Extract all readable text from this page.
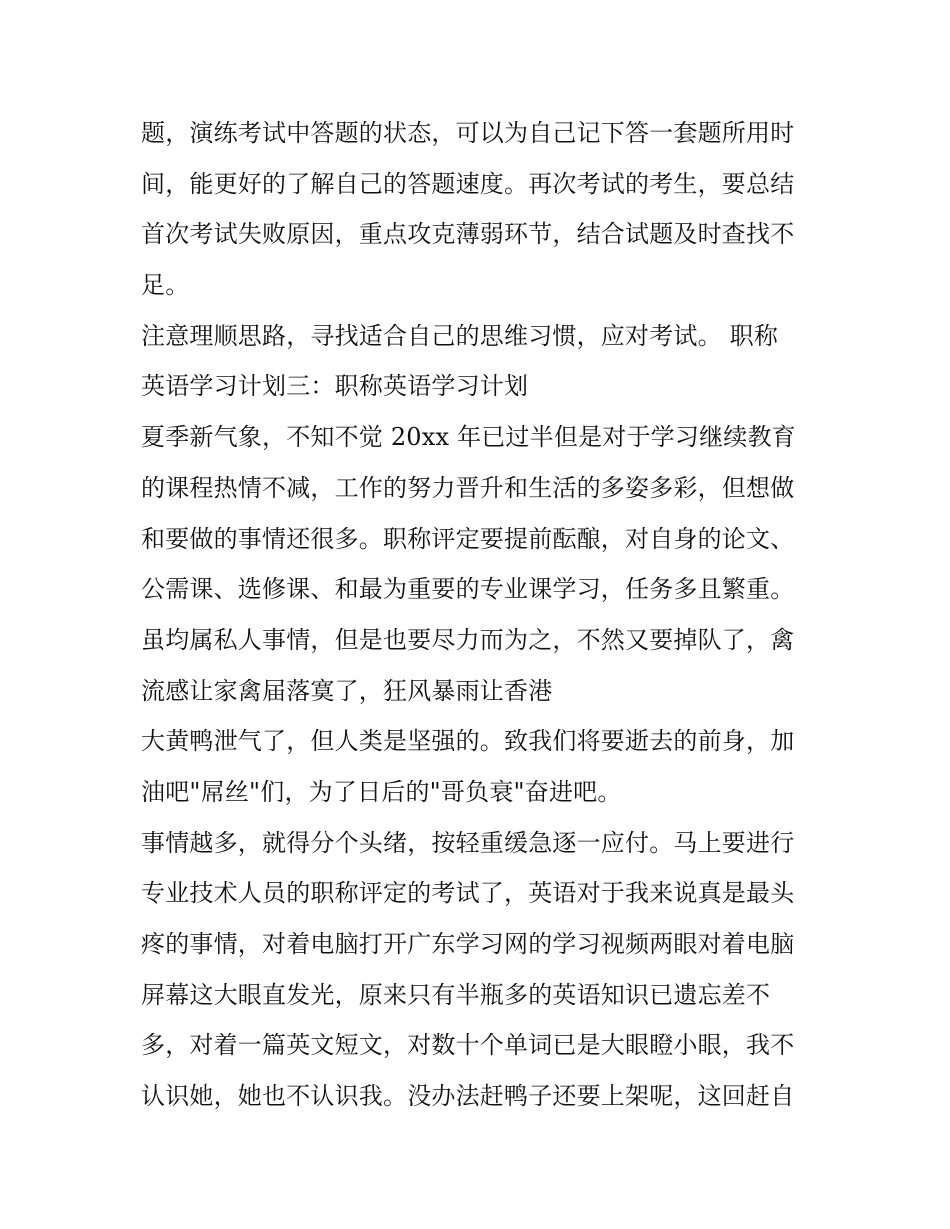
题，演练考试中答题的状态，可以为自己记下答一套题所用时
间，能更好的了解自己的答题速度。再次考试的考生，要总结
首次考试失败原因，重点攻克薄弱环节，结合试题及时查找不
足。
注意理顺思路，寻找适合自己的思维习惯，应对考试。 职称
英语学习计划三：职称英语学习计划
夏季新气象，不知不觉 20xx 年已过半但是对于学习继续教育
的课程热情不减，工作的努力晋升和生活的多姿多彩，但想做
和要做的事情还很多。职称评定要提前酝酿，对自身的论文、
公需课、选修课、和最为重要的专业课学习，任务多且繁重。
虽均属私人事情，但是也要尽力而为之，不然又要掉队了，禽
流感让家禽届落寞了，狂风暴雨让香港
大黄鸭泄气了，但人类是坚强的。致我们将要逝去的前身，加
油吧"屌丝"们，为了日后的"哥负衰"奋进吧。
事情越多，就得分个头绪，按轻重缓急逐一应付。马上要进行
专业技术人员的职称评定的考试了，英语对于我来说真是最头
疼的事情，对着电脑打开广东学习网的学习视频两眼对着电脑
屏幕这大眼直发光，原来只有半瓶多的英语知识已遗忘差不
多，对着一篇英文短文，对数十个单词已是大眼瞪小眼，我不
认识她，她也不认识我。没办法赶鸭子还要上架呢，这回赶自
